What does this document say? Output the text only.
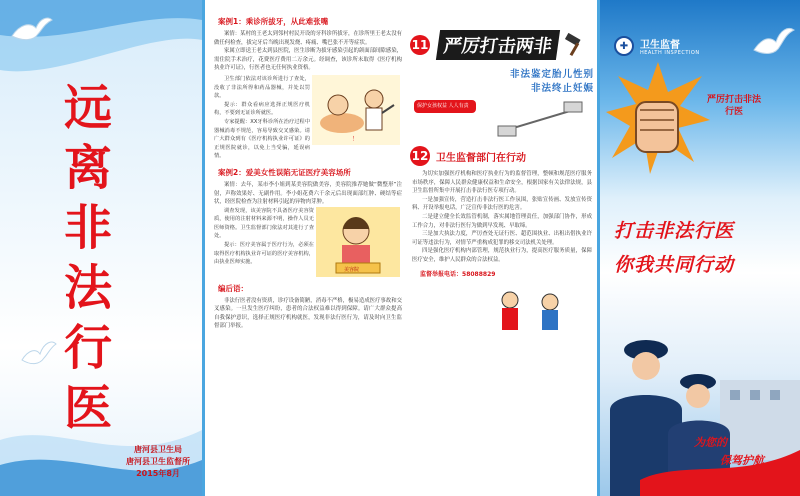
远
离
非
法
行
医
唐河县卫生局
唐河县卫生监督所
2015年8月
案例1：乘诊所拔牙，从此难张嘴

案情：某村的王老太到邻村村民开设的牙科诊所拔牙，在诊所里王老太没有做任何检查，拔完牙后当晚出现发烧、疼痛、嘴巴张不开等症状。

家属立即送王老太到县医院，医生诊断为拔牙感染引起的颌面部间隙感染，需住院手术治疗，花费医疗费用二万余元。经调查，该诊所未取得《医疗机构执业许可证》，行医者也无任何执业资格。

卫生部门依法对该诊所进行了查处，没收了非法所得和药品器械，并处以罚款。

提示：群众看病应选择正规医疗机构，不要到无证诊所就医。

专家提醒：XX牙科诊所在治疗过程中器械消毒不规范，容易导致交叉感染。请广大群众到有《医疗机构执业许可证》的正规医院就诊，以免上当受骗，延误病情。

！
案例2：爱美女性误陷无证医疗美容场所

案情：去年，某市李小姐到某美容院做美容，美容院推荐她做“微整形”注射，声称效果好、无副作用。李小姐花费六千余元后出现面部红肿、硬结等症状，经医院检查为注射材料引起的异物肉芽肿。

调查发现，该美容院不具备医疗美容资质，使用的注射材料来源不明，操作人员无医师资格。卫生监督部门依法对其进行了查处。

提示：医疗美容属于医疗行为，必须在取得医疗机构执业许可证的医疗美容机构，由执业医师实施。

美容院
编后语：

非法行医者没有资质，诊疗设备简陋，消毒不严格，极易造成医疗事故和交叉感染。一旦发生医疗纠纷，患者的合法权益难以得到保障。请广大群众提高自我保护意识，选择正规医疗机构就医，发现非法行医行为，请及时向卫生监督部门举报。

11 严厉打击两非
非法鉴定胎儿性别
非法终止妊娠
保护女孩权益 人人有责
12 卫生监督部门在行动

为切实加强医疗机构和医疗执业行为的监督管理，整顿和规范医疗服务市场秩序，保障人民群众健康权益和生命安全，根据国家有关法律法规，县卫生监督所集中开展打击非法行医专项行动。

一是加强宣传，营造打击非法行医工作氛围，张贴宣传画、发放宣传资料、开设举报电话，广泛宣传非法行医的危害。

二是建立健全长效监管机制，落实属地管理责任，加强部门协作，形成工作合力，对非法行医行为做到早发现、早取缔。

三是加大执法力度，严厉查处无证行医、超范围执业、出租出借执业许可证等违法行为，对情节严重构成犯罪的移交司法机关处理。

四是强化医疗机构内部管理，规范执业行为，提高医疗服务质量，保障医疗安全，维护人民群众的合法权益。

监督举报电话：58088829
✚	卫生监督
HEALTH INSPECTION
严厉打击非法行医
打击非法行医
你我共同行动
为您的
保驾护航
